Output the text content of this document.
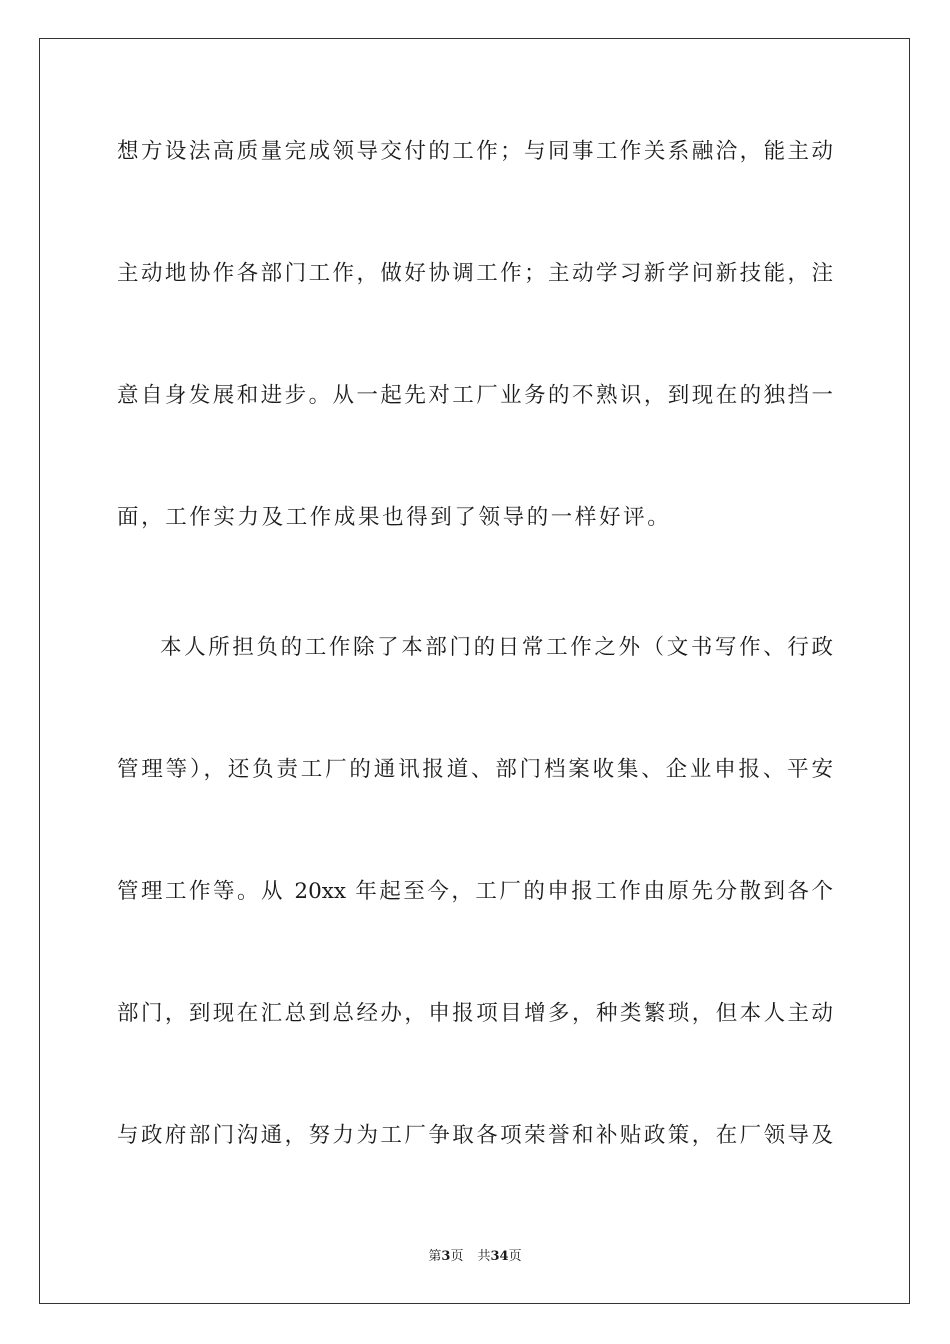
想方设法高质量完成领导交付的工作；与同事工作关系融洽，能主动
主动地协作各部门工作，做好协调工作；主动学习新学问新技能，注
意自身发展和进步。从一起先对工厂业务的不熟识，到现在的独挡一
面，工作实力及工作成果也得到了领导的一样好评。
本人所担负的工作除了本部门的日常工作之外（文书写作、行政
管理等），还负责工厂的通讯报道、部门档案收集、企业申报、平安
管理工作等。从 20xx 年起至今，工厂的申报工作由原先分散到各个
部门，到现在汇总到总经办，申报项目增多，种类繁琐，但本人主动
与政府部门沟通，努力为工厂争取各项荣誉和补贴政策，在厂领导及
第3页 共34页
